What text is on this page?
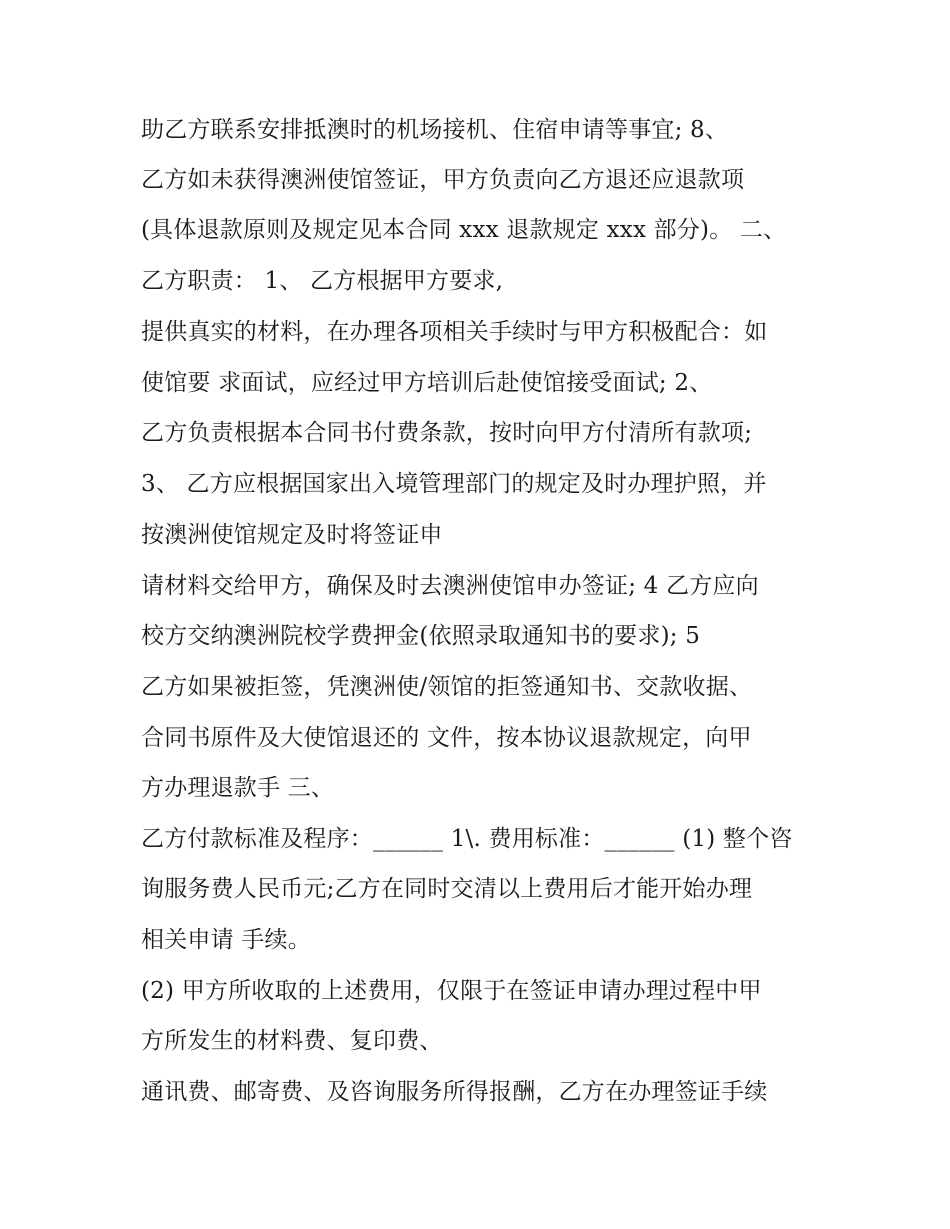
助乙方联系安排抵澳时的机场接机、住宿申请等事宜; 8、
乙方如未获得澳洲使馆签证，甲方负责向乙方退还应退款项
(具体退款原则及规定见本合同 xxx 退款规定 xxx 部分)。 二、
乙方职责： 1、 乙方根据甲方要求,
提供真实的材料，在办理各项相关手续时与甲方积极配合：如
使馆要 求面试，应经过甲方培训后赴使馆接受面试; 2、
乙方负责根据本合同书付费条款，按时向甲方付清所有款项;
3、 乙方应根据国家出入境管理部门的规定及时办理护照，并
按澳洲使馆规定及时将签证申
请材料交给甲方，确保及时去澳洲使馆申办签证; 4 乙方应向
校方交纳澳洲院校学费押金(依照录取通知书的要求); 5
乙方如果被拒签，凭澳洲使/领馆的拒签通知书、交款收据、
合同书原件及大使馆退还的 文件，按本协议退款规定，向甲
方办理退款手 三、
乙方付款标准及程序：______ 1\. 费用标准：______ (1) 整个咨
询服务费人民币元;乙方在同时交清以上费用后才能开始办理
相关申请 手续。
(2) 甲方所收取的上述费用，仅限于在签证申请办理过程中甲
方所发生的材料费、复印费、
通讯费、邮寄费、及咨询服务所得报酬，乙方在办理签证手续
